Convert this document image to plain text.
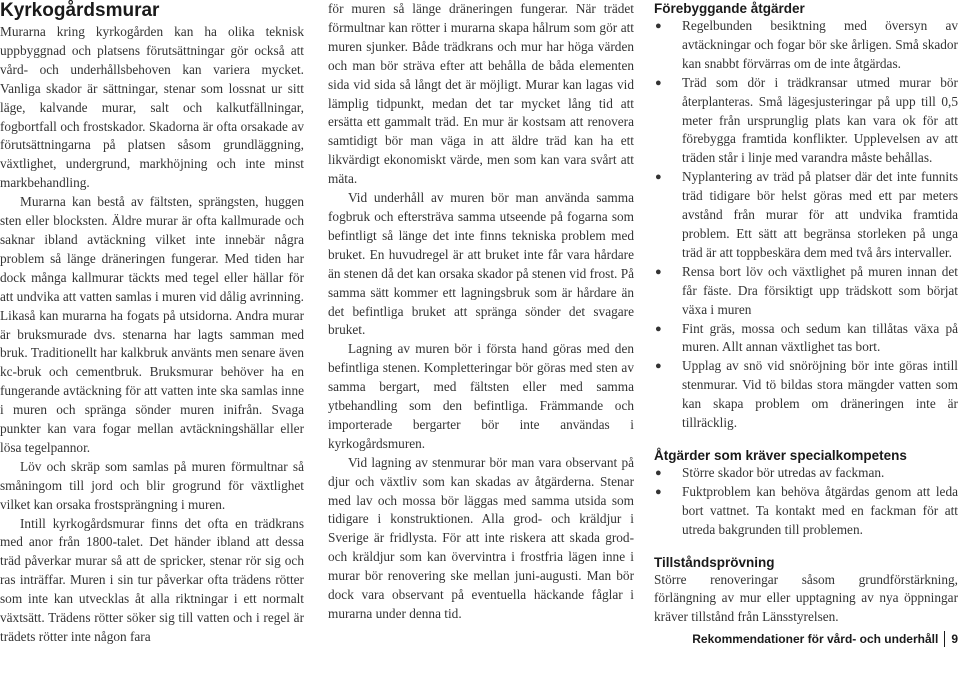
Kyrkogårdsmurar

Murarna kring kyrkogården kan ha olika teknisk uppbyggnad och platsens förutsättningar gör också att vård- och underhållsbehoven kan variera mycket. Vanliga skador är sättningar, stenar som lossnat ur sitt läge, kalvande murar, salt och kalkutfällningar, fogbortfall och frostskador. Skadorna är ofta orsakade av förutsättningarna på platsen såsom grundläggning, växtlighet, undergrund, markhöjning och inte minst markbehandling.

Murarna kan bestå av fältsten, sprängsten, huggen sten eller blocksten. Äldre murar är ofta kallmurade och saknar ibland avtäckning vilket inte innebär några problem så länge dräneringen fungerar. Med tiden har dock många kallmurar täckts med tegel eller hällar för att undvika att vatten samlas i muren vid dålig avrinning. Likaså kan murarna ha fogats på utsidorna. Andra murar är bruksmurade dvs. stenarna har lagts samman med bruk. Traditionellt har kalkbruk använts men senare även kc-bruk och cementbruk. Bruksmurar behöver ha en fungerande avtäckning för att vatten inte ska samlas inne i muren och spränga sönder muren inifrån. Svaga punkter kan vara fogar mellan avtäckningshällar eller lösa tegelpannor.

Löv och skräp som samlas på muren förmultnar så småningom till jord och blir grogrund för växtlighet vilket kan orsaka frostsprängning i muren.

Intill kyrkogårdsmurar finns det ofta en trädkrans med anor från 1800-talet. Det händer ibland att dessa träd påverkar murar så att de spricker, stenar rör sig och ras inträffar. Muren i sin tur påverkar ofta trädens rötter som inte kan utvecklas åt alla riktningar i ett normalt växtsätt. Trädens rötter söker sig till vatten och i regel är trädets rötter inte någon fara

för muren så länge dräneringen fungerar. När trädet förmultnar kan rötter i murarna skapa hålrum som gör att muren sjunker. Både trädkrans och mur har höga värden och man bör sträva efter att behålla de båda elementen sida vid sida så långt det är möjligt. Murar kan lagas vid lämplig tidpunkt, medan det tar mycket lång tid att ersätta ett gammalt träd. En mur är kostsam att renovera samtidigt bör man väga in att äldre träd kan ha ett likvärdigt ekonomiskt värde, men som kan vara svårt att mäta.

Vid underhåll av muren bör man använda samma fogbruk och eftersträva samma utseende på fogarna som befintligt så länge det inte finns tekniska problem med bruket. En huvudregel är att bruket inte får vara hårdare än stenen då det kan orsaka skador på stenen vid frost. På samma sätt kommer ett lagningsbruk som är hårdare än det befintliga bruket att spränga sönder det svagare bruket.

Lagning av muren bör i första hand göras med den befintliga stenen. Kompletteringar bör göras med sten av samma bergart, med fältsten eller med samma ytbehandling som den befintliga. Främmande och importerade bergarter bör inte användas i kyrkogårdsmuren.

Vid lagning av stenmurar bör man vara observant på djur och växtliv som kan skadas av åtgärderna. Stenar med lav och mossa bör läggas med samma utsida som tidigare i konstruktionen. Alla grod- och kräldjur i Sverige är fridlysta. För att inte riskera att skada grod- och kräldjur som kan övervintra i frostfria lägen inne i murar bör renovering ske mellan juni-augusti. Man bör dock vara observant på eventuella häckande fåglar i murarna under denna tid.

Förebyggande åtgärder
● Regelbunden besiktning med översyn av avtäckningar och fogar bör ske årligen. Små skador kan snabbt förvärras om de inte åtgärdas.
● Träd som dör i trädkransar utmed murar bör återplanteras. Små lägesjusteringar på upp till 0,5 meter från ursprunglig plats kan vara ok för att förebygga framtida konflikter. Upplevelsen av att träden står i linje med varandra måste behållas.
● Nyplantering av träd på platser där det inte funnits träd tidigare bör helst göras med ett par meters avstånd från murar för att undvika framtida problem. Ett sätt att begränsa storleken på unga träd är att toppbeskära dem med två års intervaller.
● Rensa bort löv och växtlighet på muren innan det får fäste. Dra försiktigt upp trädskott som börjat växa i muren
● Fint gräs, mossa och sedum kan tillåtas växa på muren. Allt annan växtlighet tas bort.
● Upplag av snö vid snöröjning bör inte göras intill stenmurar. Vid tö bildas stora mängder vatten som kan skapa problem om dräneringen inte är tillräcklig.
Åtgärder som kräver specialkompetens
● Större skador bör utredas av fackman.
● Fuktproblem kan behöva åtgärdas genom att leda bort vattnet. Ta kontakt med en fackman för att utreda bakgrunden till problemen.
Tillståndsprövning

Större renoveringar såsom grundförstärkning, förlängning av mur eller upptagning av nya öppningar kräver tillstånd från Länsstyrelsen.

Rekommendationer för vård- och underhåll 9
